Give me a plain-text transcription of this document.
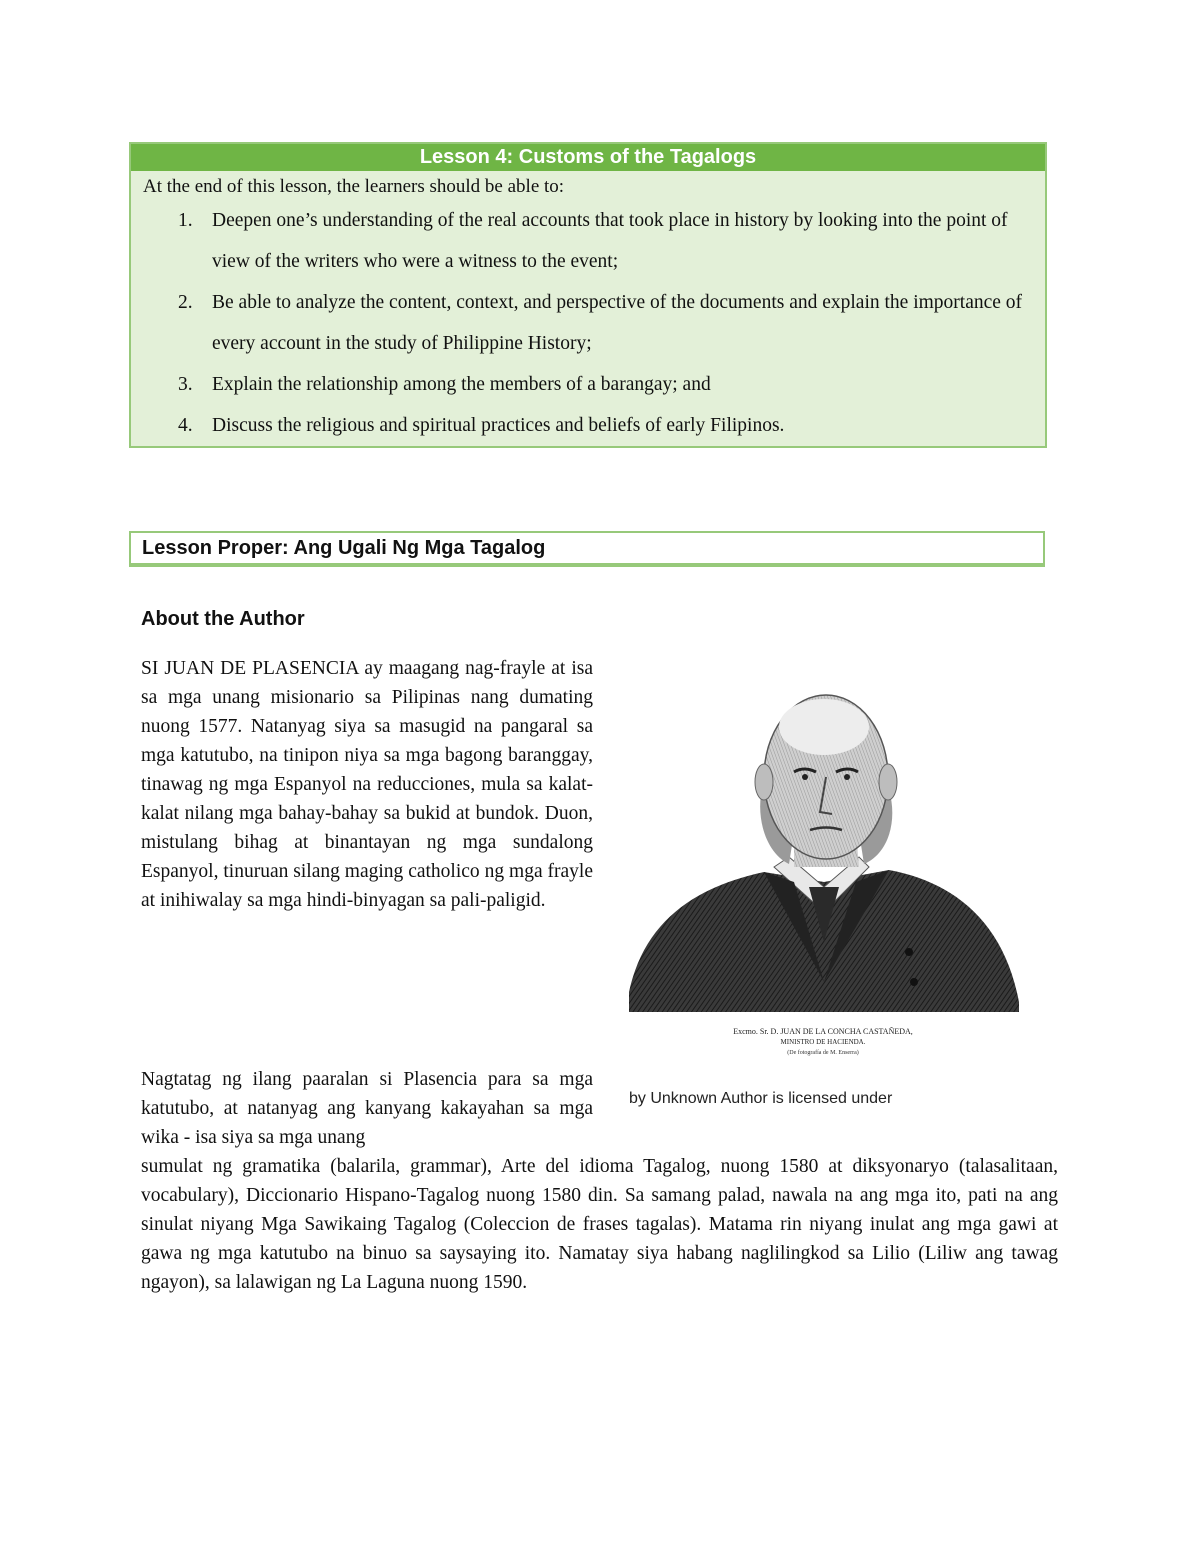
Lesson 4: Customs of the Tagalogs
At the end of this lesson, the learners should be able to:
1. Deepen one’s understanding of the real accounts that took place in history by looking into the point of view of the writers who were a witness to the event;
2. Be able to analyze the content, context, and perspective of the documents and explain the importance of every account in the study of Philippine History;
3. Explain the relationship among the members of a barangay; and
4. Discuss the religious and spiritual practices and beliefs of early Filipinos.
Lesson Proper: Ang Ugali Ng Mga Tagalog
About the Author

SI JUAN DE PLASENCIA ay maagang nag-frayle at isa sa mga unang misionario sa Pilipinas nang dumating nuong 1577. Natanyag siya sa masugid na pangaral sa mga katutubo, na tinipon niya sa mga bagong baranggay, tinawag ng mga Espanyol na reducciones, mula sa kalat-kalat nilang mga bahay-bahay sa bukid at bundok. Duon, mistulang bihag at binantayan ng mga sundalong Espanyol, tinuruan silang maging catholico ng mga frayle at inihiwalay sa mga hindi-binyagan sa pali-paligid.

Excmo. Sr. D. JUAN DE LA CONCHA CASTAÑEDA,
MINISTRO DE HACIENDA.
(De fotografía de M. Enserra)
by Unknown Author is licensed under

Nagtatag ng ilang paaralan si Plasencia para sa mga katutubo, at natanyag ang kanyang kakayahan sa mga wika - isa siya sa mga unang

sumulat ng gramatika (balarila, grammar), Arte del idioma Tagalog, nuong 1580 at diksyonaryo (talasalitaan, vocabulary), Diccionario Hispano-Tagalog nuong 1580 din. Sa samang palad, nawala na ang mga ito, pati na ang sinulat niyang Mga Sawikaing Tagalog (Coleccion de frases tagalas). Matama rin niyang inulat ang mga gawi at gawa ng mga katutubo na binuo sa saysaying ito. Namatay siya habang naglilingkod sa Lilio (Liliw ang tawag ngayon), sa lalawigan ng La Laguna nuong 1590.
